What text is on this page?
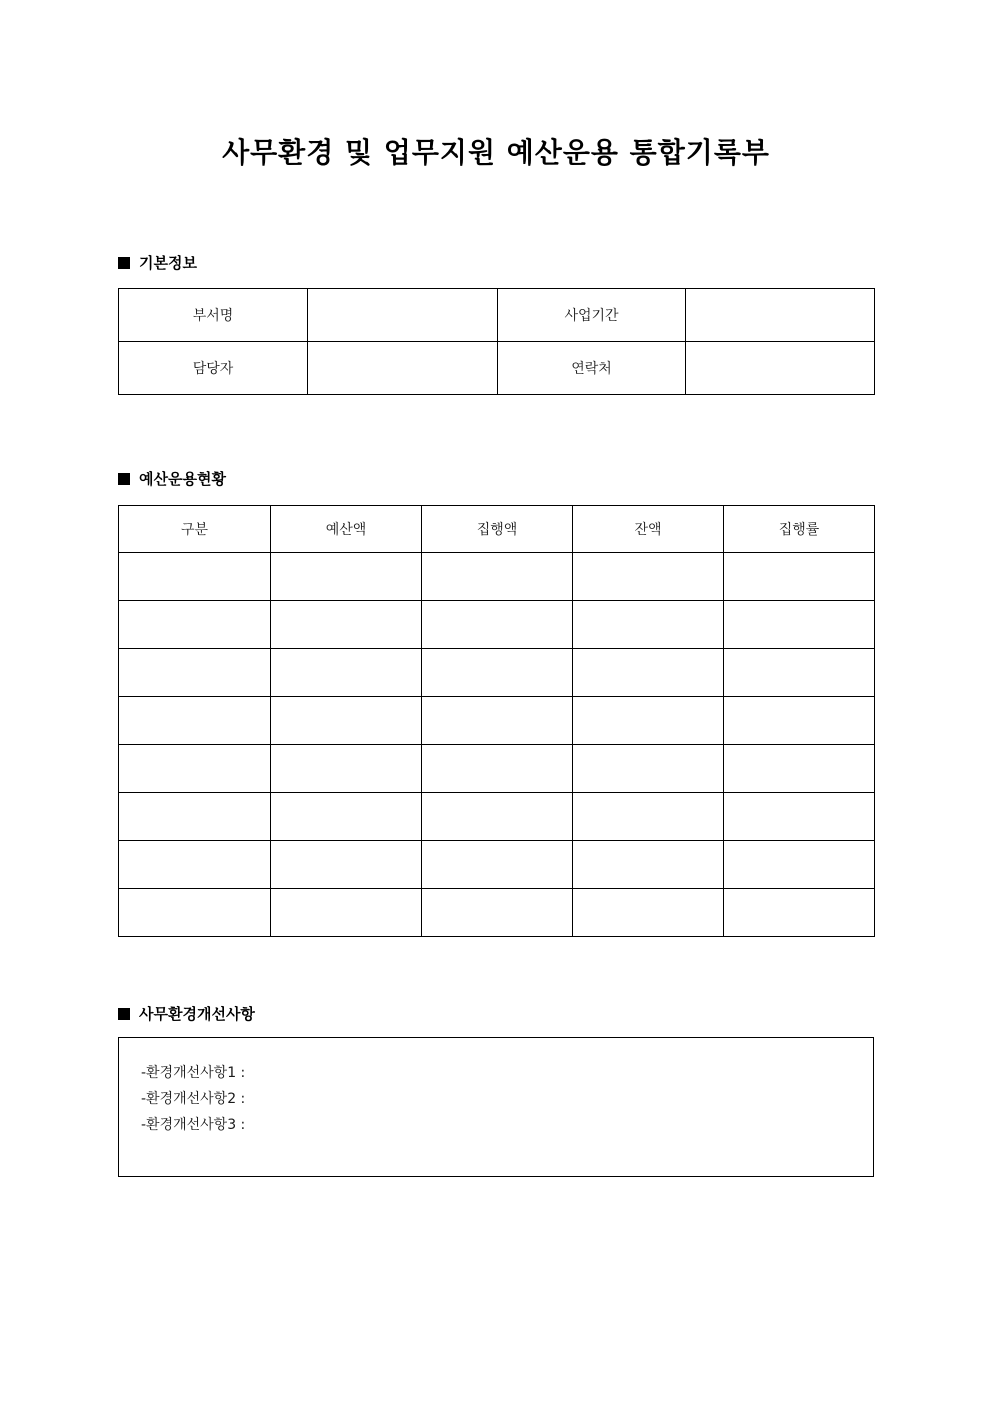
사무환경 및 업무지원 예산운용 통합기록부
기본정보
부서명		사업기간	
담당자		연락처	
예산운용현황
구분	예산액	집행액	잔액	집행률

사무환경개선사항
-환경개선사항1 :
-환경개선사항2 :
-환경개선사항3 :
